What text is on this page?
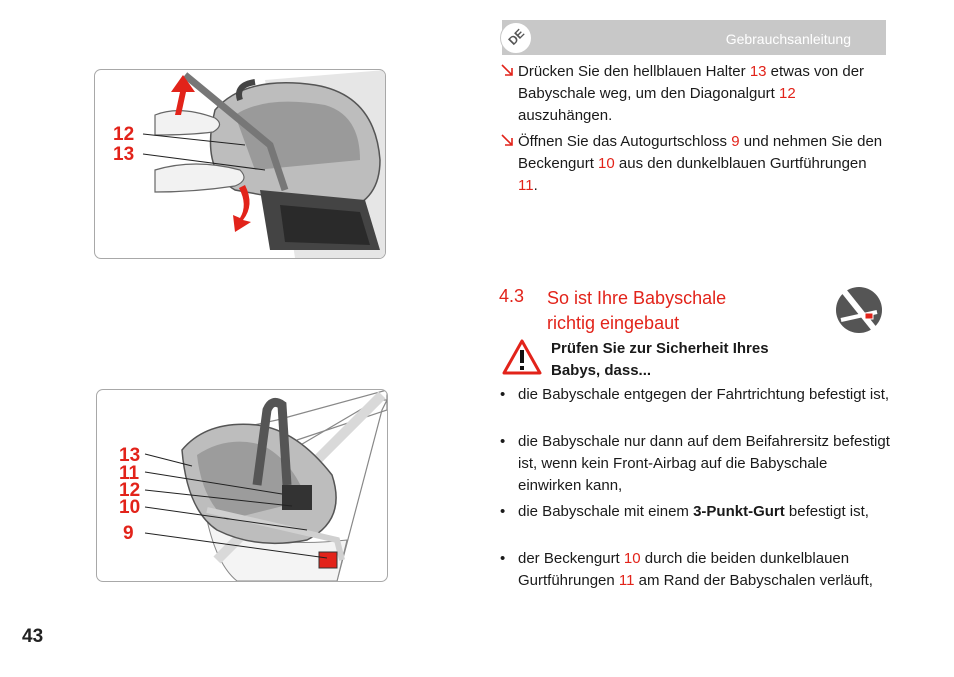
Gebrauchsanleitung
DE
12
13
13
11
12
10
9
Drücken Sie den hellblauen Halter 13 etwas von der Babyschale weg, um den Diagonalgurt 12 auszuhängen.
Öffnen Sie das Autogurtschloss 9 und nehmen Sie den Beckengurt 10 aus den dunkelblauen Gurtführungen 11.
4.3 So ist Ihre Babyschale
richtig eingebaut
Prüfen Sie zur Sicherheit Ihres
Babys, dass...
• die Babyschale entgegen der Fahrtrichtung befestigt ist,
• die Babyschale nur dann auf dem Beifahrersitz befestigt ist, wenn kein Front-Airbag auf die Babyschale einwirken kann,
• die Babyschale mit einem 3-Punkt-Gurt befestigt ist,
• der Beckengurt 10 durch die beiden dunkelblauen Gurtführungen 11 am Rand der Babyschalen verläuft,
43
